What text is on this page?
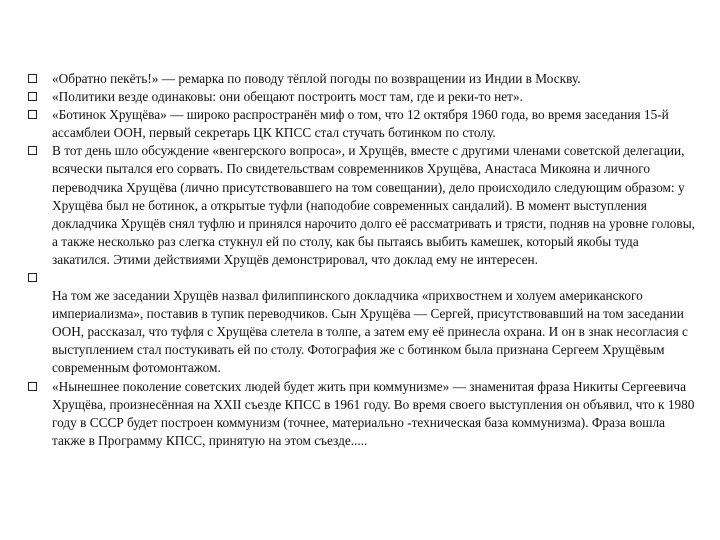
«Обратно пекёть!» — ремарка по поводу тёплой погоды по возвращении из Индии в Москву.

«Политики везде одинаковы: они обещают построить мост там, где и реки-то нет».

«Ботинок Хрущёва» — широко распространён миф о том, что 12 октября 1960 года, во время заседания 15-й ассамблеи ООН, первый секретарь ЦК КПСС стал стучать ботинком по столу.

В тот день шло обсуждение «венгерского вопроса», и Хрущёв, вместе с другими членами советской делегации, всячески пытался его сорвать. По свидетельствам современников Хрущёва, Анастаса Микояна и личного переводчика Хрущёва (лично присутствовавшего на том совещании), дело происходило следующим образом: у Хрущёва был не ботинок, а открытые туфли (наподобие современных сандалий). В момент выступления докладчика Хрущёв снял туфлю и принялся нарочито долго её рассматривать и трясти, подняв на уровне головы, а также несколько раз слегка стукнул ей по столу, как бы пытаясь выбить камешек, который якобы туда закатился. Этими действиями Хрущёв демонстрировал, что доклад ему не интересен.

На том же заседании Хрущёв назвал филиппинского докладчика «прихвостнем и холуем американского империализма», поставив в тупик переводчиков. Сын Хрущёва — Сергей, присутствовавший на том заседании ООН, рассказал, что туфля с Хрущёва слетела в толпе, а затем ему её принесла охрана. И он в знак несогласия с выступлением стал постукивать ей по столу. Фотография же с ботинком была признана Сергеем Хрущёвым современным фотомонтажом.

«Нынешнее поколение советских людей будет жить при коммунизме» — знаменитая фраза Никиты Сергеевича Хрущёва, произнесённая на XXII съезде КПСС в 1961 году. Во время своего выступления он объявил, что к 1980 году в СССР будет построен коммунизм (точнее, материально -техническая база коммунизма). Фраза вошла также в Программу КПСС, принятую на этом съезде.....
